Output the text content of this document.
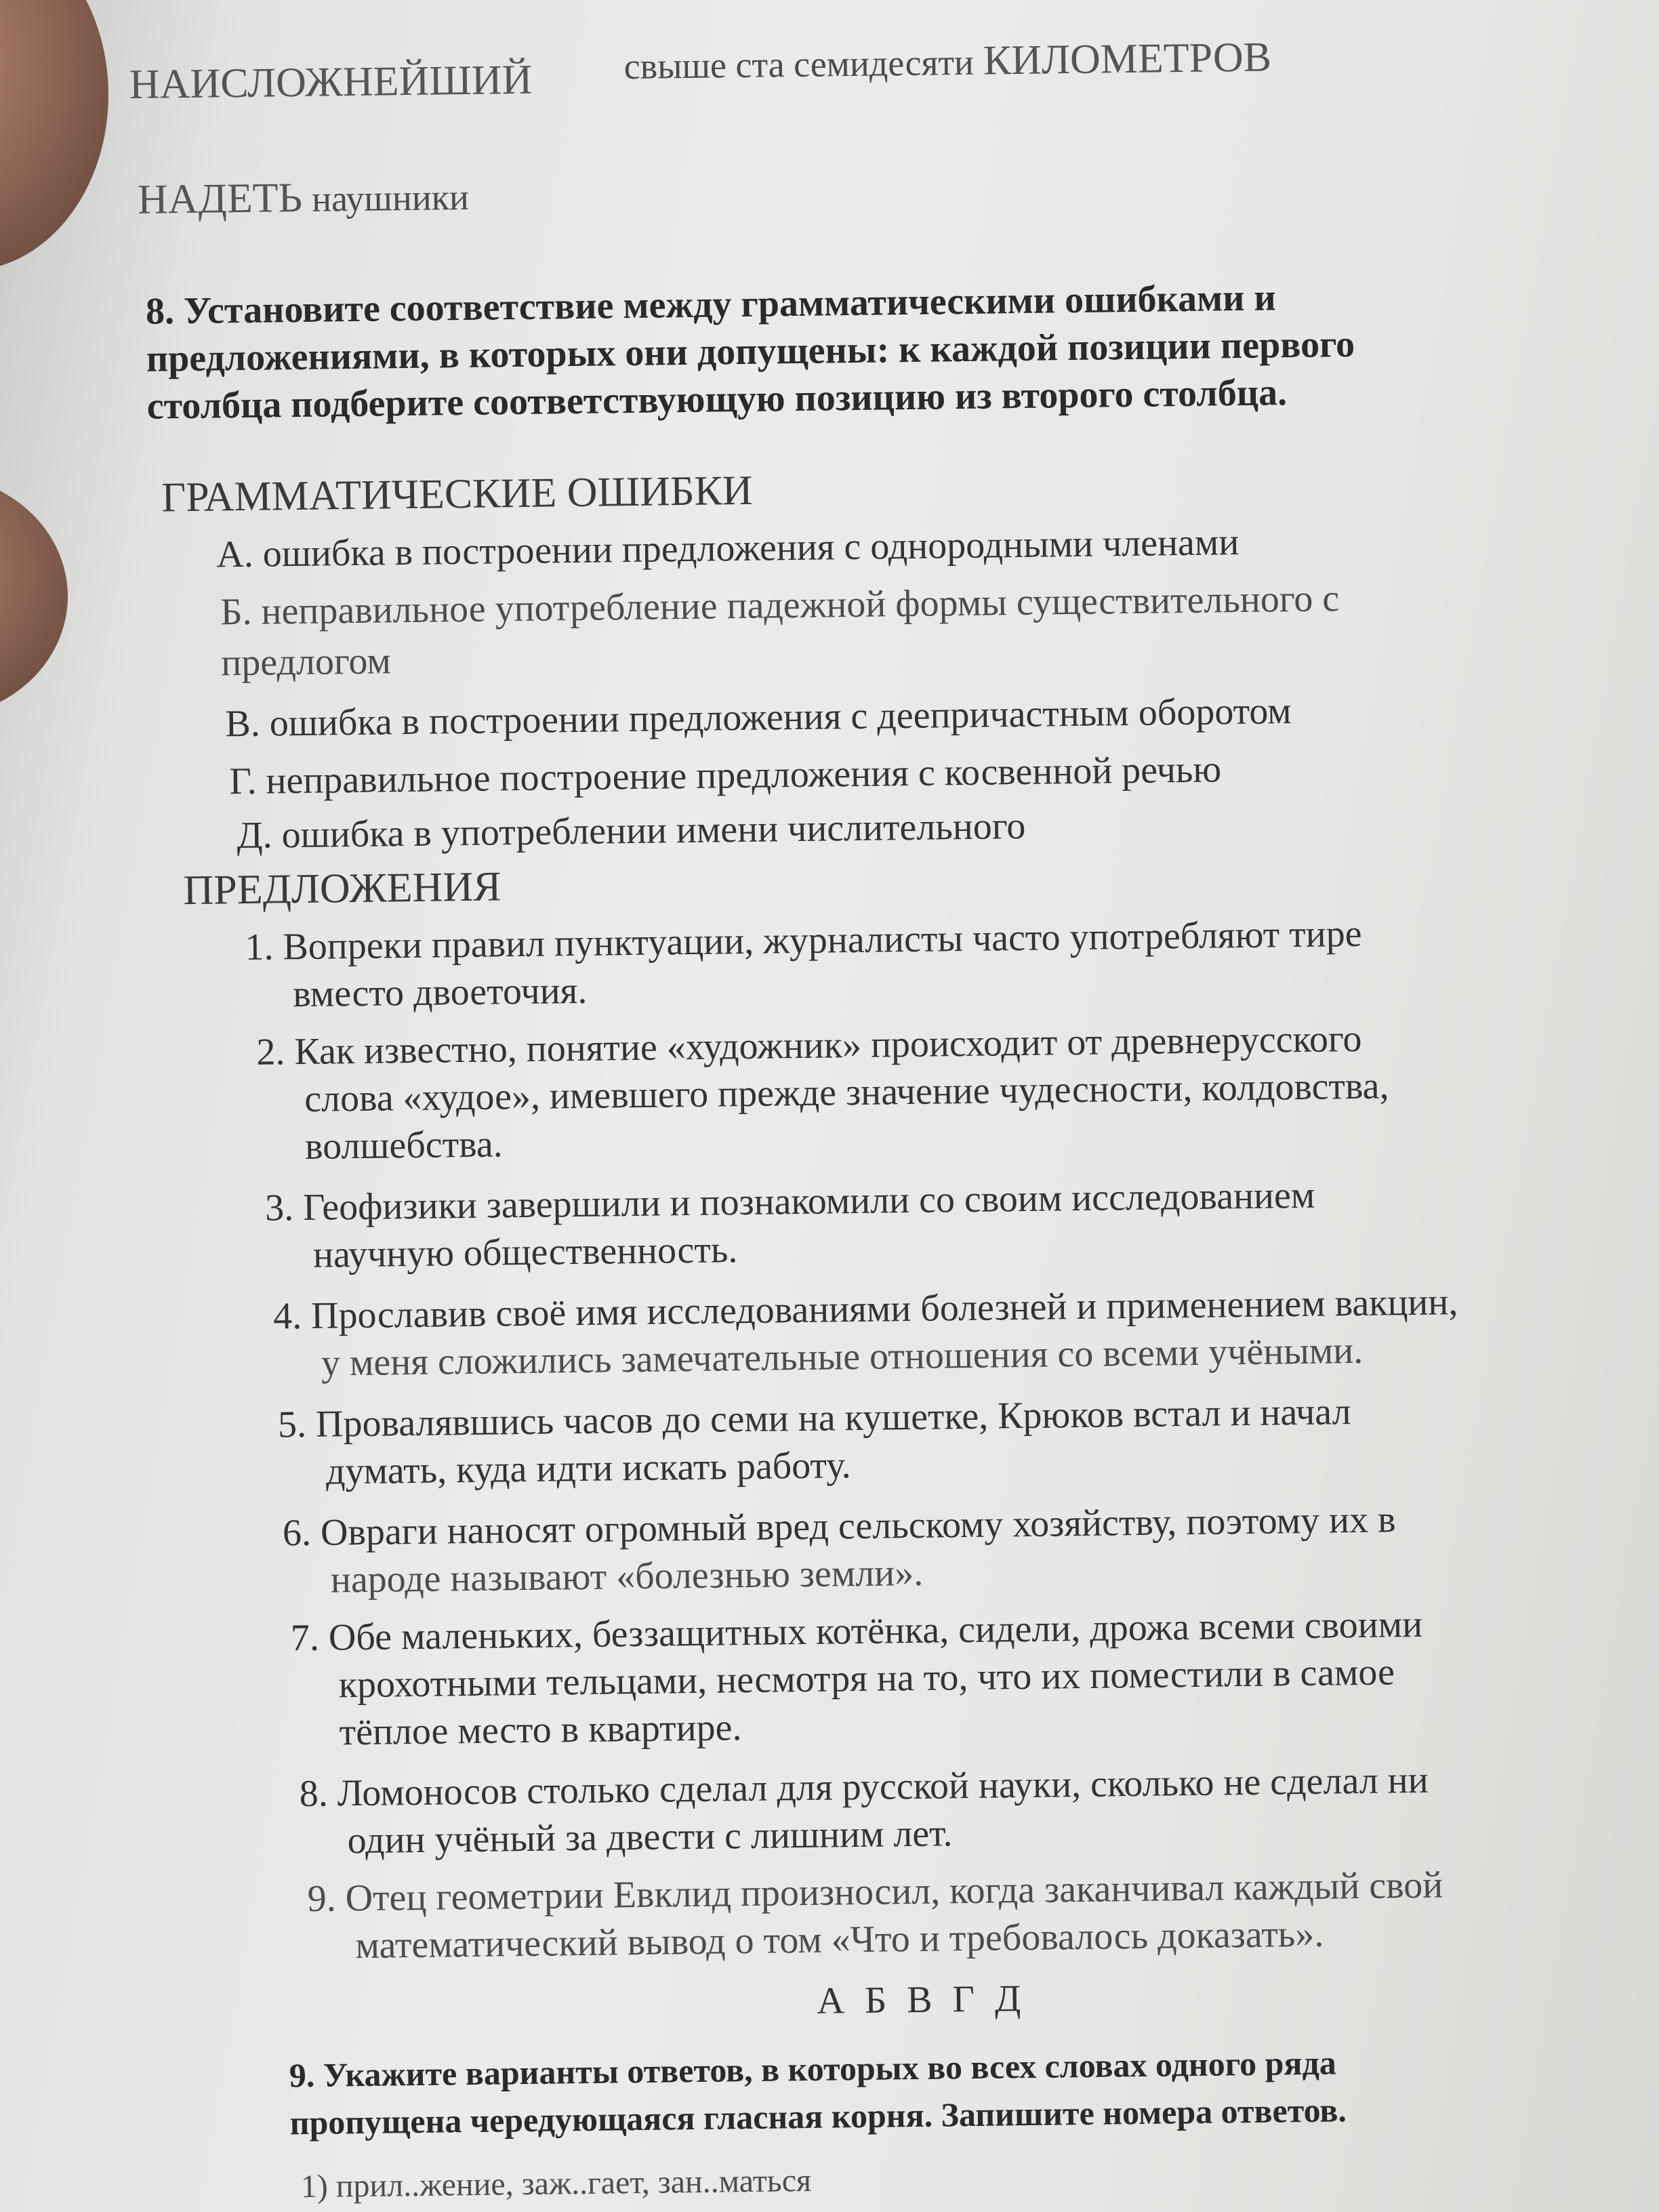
НАИСЛОЖНЕЙШИЙ свыше ста семидесяти КИЛОМЕТРОВ
НАДЕТЬ наушники
8. Установите соответствие между грамматическими ошибками и
предложениями, в которых они допущены: к каждой позиции первого
столбца подберите соответствующую позицию из второго столбца.
ГРАММАТИЧЕСКИЕ ОШИБКИ
А. ошибка в построении предложения с однородными членами
Б. неправильное употребление падежной формы существительного с
предлогом
В. ошибка в построении предложения с деепричастным оборотом
Г. неправильное построение предложения с косвенной речью
Д. ошибка в употреблении имени числительного
ПРЕДЛОЖЕНИЯ
1. Вопреки правил пунктуации, журналисты часто употребляют тире
вместо двоеточия.
2. Как известно, понятие «художник» происходит от древнерусского
слова «худое», имевшего прежде значение чудесности, колдовства,
волшебства.
3. Геофизики завершили и познакомили со своим исследованием
научную общественность.
4. Прославив своё имя исследованиями болезней и применением вакцин,
у меня сложились замечательные отношения со всеми учёными.
5. Провалявшись часов до семи на кушетке, Крюков встал и начал
думать, куда идти искать работу.
6. Овраги наносят огромный вред сельскому хозяйству, поэтому их в
народе называют «болезнью земли».
7. Обе маленьких, беззащитных котёнка, сидели, дрожа всеми своими
крохотными тельцами, несмотря на то, что их поместили в самое
тёплое место в квартире.
8. Ломоносов столько сделал для русской науки, сколько не сделал ни
один учёный за двести с лишним лет.
9. Отец геометрии Евклид произносил, когда заканчивал каждый свой
математический вывод о том «Что и требовалось доказать».
А Б В Г Д
9. Укажите варианты ответов, в которых во всех словах одного ряда
пропущена чередующаяся гласная корня. Запишите номера ответов.
1) прил..жение, заж..гает, зан..маться
